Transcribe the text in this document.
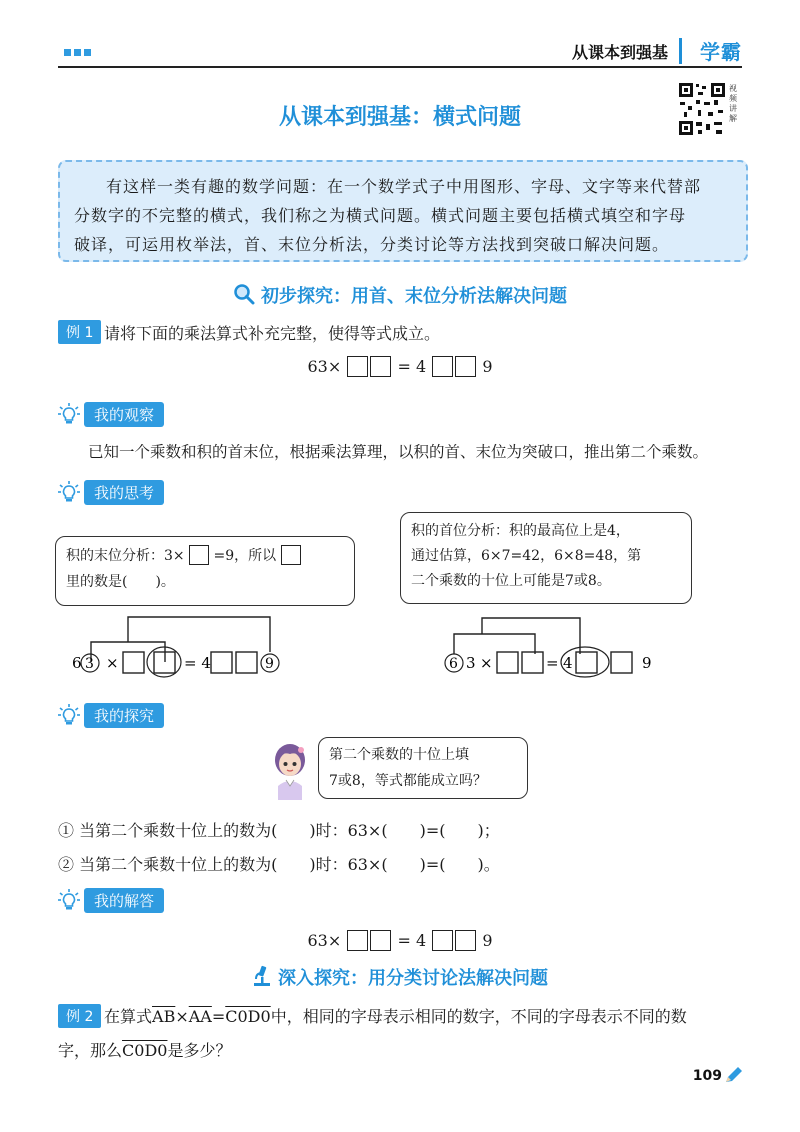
从课本到强基 学霸
从课本到强基：横式问题
视频讲解
有这样一类有趣的数学问题：在一个数学式子中用图形、字母、文字等来代替部
分数字的不完整的横式，我们称之为横式问题。横式问题主要包括横式填空和字母
破译，可运用枚举法，首、末位分析法，分类讨论等方法找到突破口解决问题。
初步探究：用首、末位分析法解决问题
例 1 请将下面的乘法算式补充完整，使得等式成立。
63×	= 4	9
我的观察
已知一个乘数和积的首末位，根据乘法算理，以积的首、末位为突破口，推出第二个乘数。
我的思考
积的末位分析：3× =9，所以
里的数是(　　)。
积的首位分析：积的最高位上是4，
通过估算，6×7=42，6×8=48，第
二个乘数的十位上可能是7或8。
6 3 ×	= 4	9	6 3 ×	= 4	9
我的探究
第二个乘数的十位上填
7或8，等式都能成立吗？
① 当第二个乘数十位上的数为(　　)时：63×(　　)=(　　)；
② 当第二个乘数十位上的数为(　　)时：63×(　　)=(　　)。
我的解答
63×	= 4	9
深入探究：用分类讨论法解决问题
例 2 在算式$\overline{AB}\times\overline{AA}=C0D0$中，相同的字母表示相同的数字，不同的字母表示不同的数
字，那么C0D0是多少？
109
